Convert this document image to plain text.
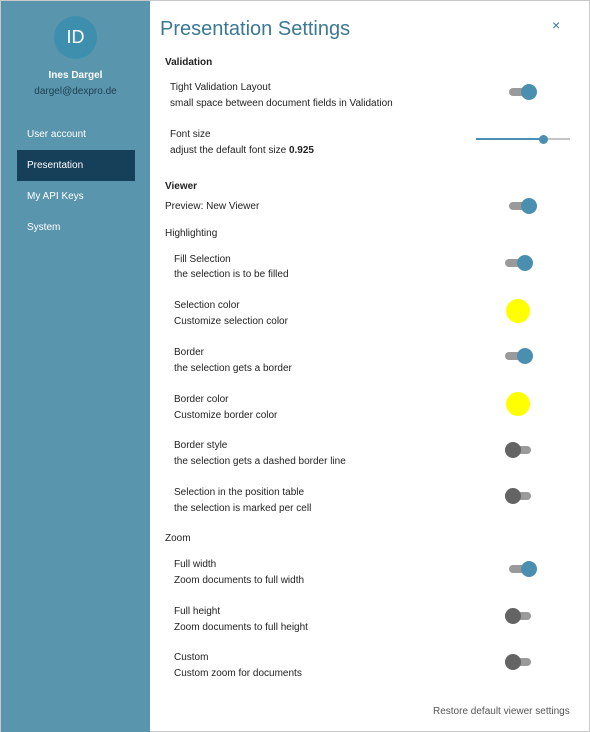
ID
Ines Dargel
dargel@dexpro.de
User account
Presentation
My API Keys
System
Presentation Settings	×
Validation
Tight Validation Layout
small space between document fields in Validation
Font size
adjust the default font size 0.925
Viewer
Preview: New Viewer
Highlighting
Fill Selection
the selection is to be filled
Selection color
Customize selection color
Border
the selection gets a border
Border color
Customize border color
Border style
the selection gets a dashed border line
Selection in the position table
the selection is marked per cell
Zoom
Full width
Zoom documents to full width
Full height
Zoom documents to full height
Custom
Custom zoom for documents
Restore default viewer settings
